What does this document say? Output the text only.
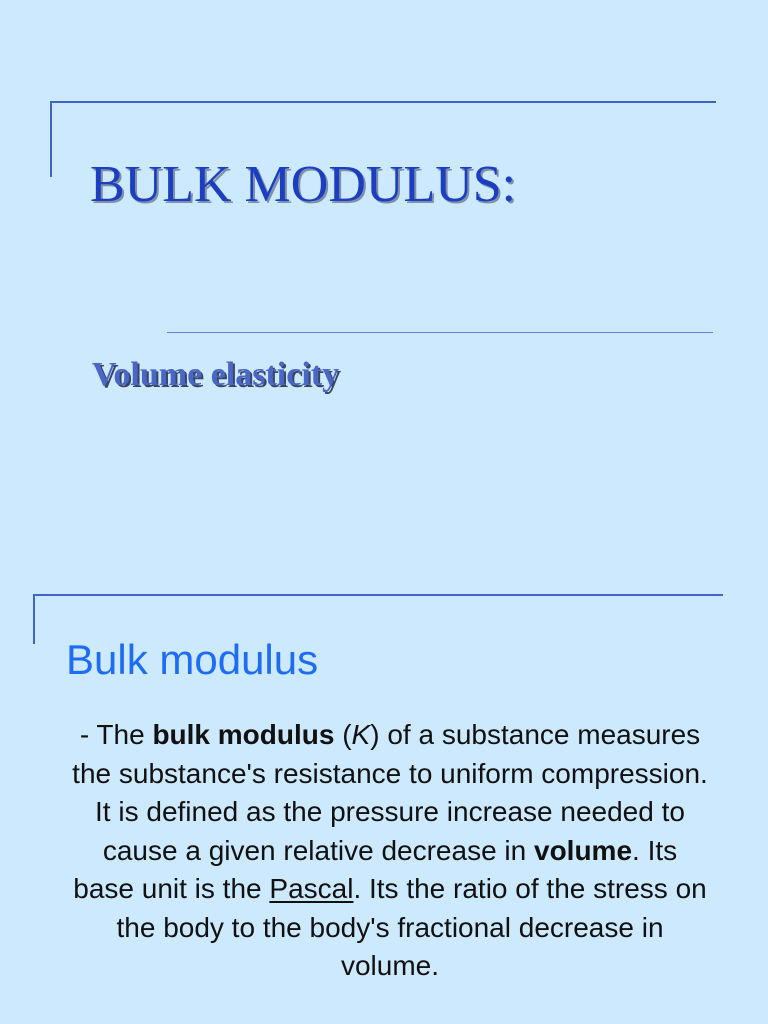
BULK MODULUS:
Volume elasticity
Bulk modulus

- The bulk modulus (K) of a substance measures the substance's resistance to uniform compression. It is defined as the pressure increase needed to cause a given relative decrease in volume. Its base unit is the Pascal. Its the ratio of the stress on the body to the body's fractional decrease in volume.
